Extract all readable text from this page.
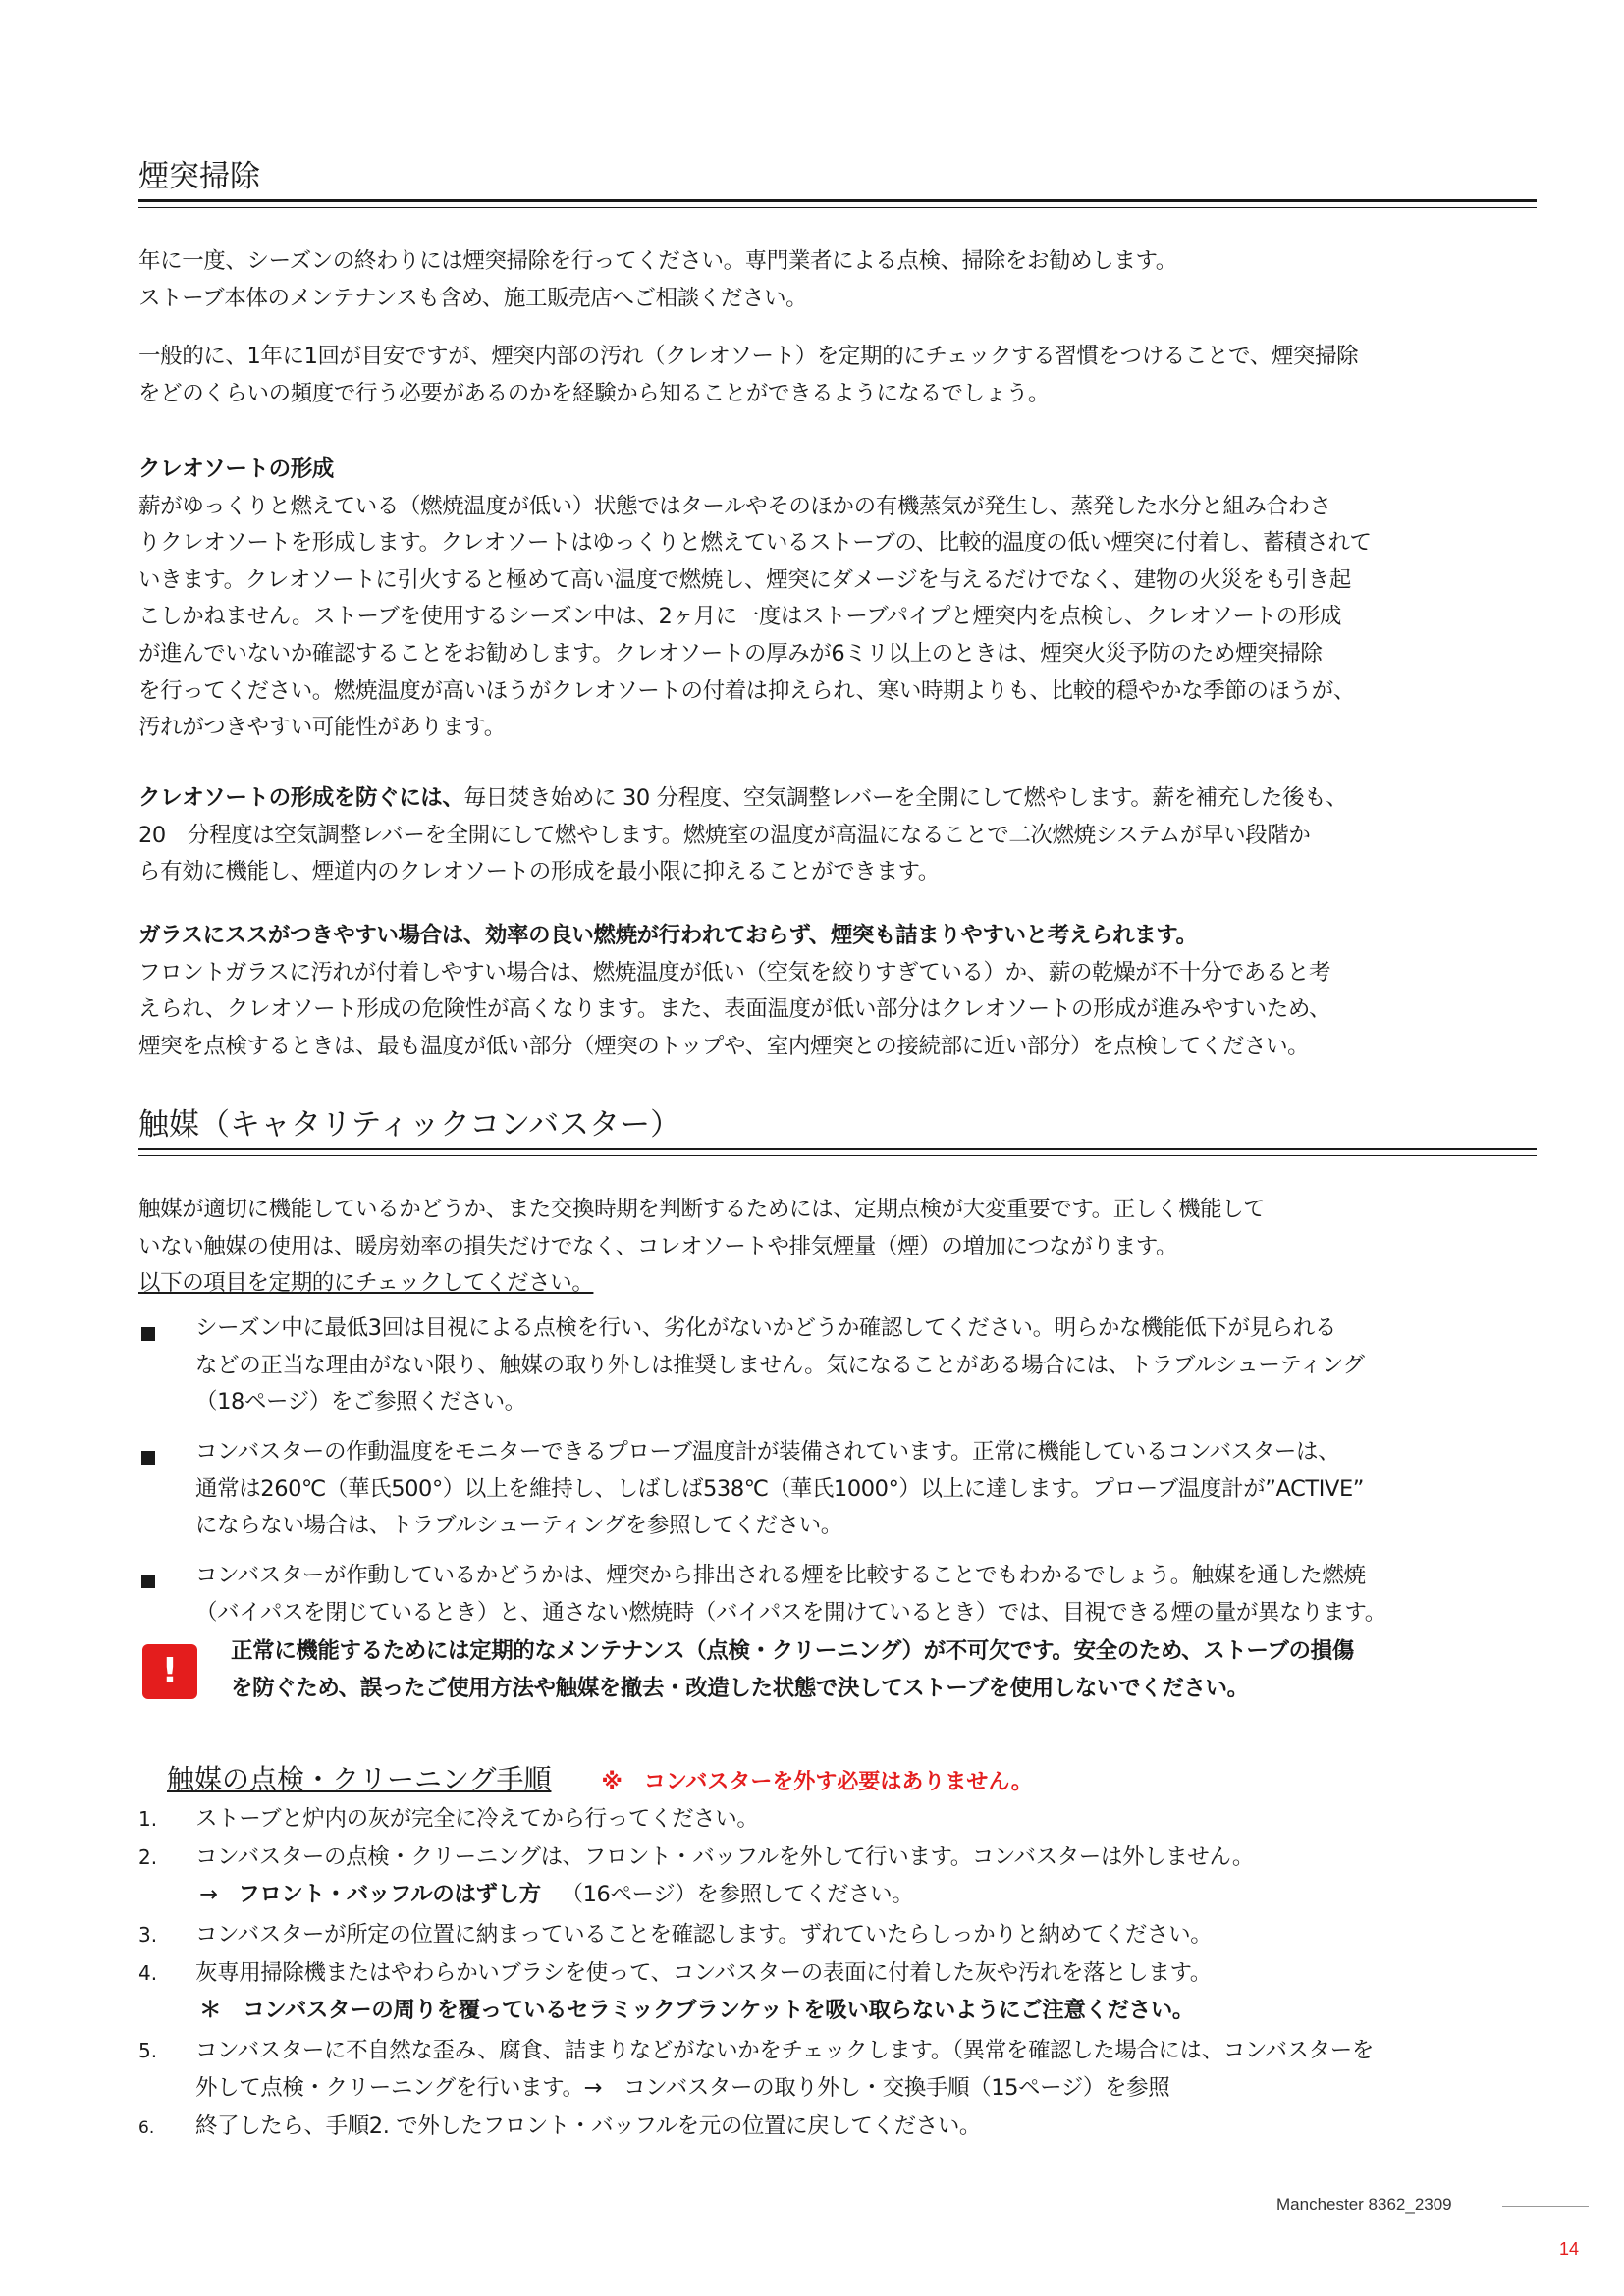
煙突掃除
年に一度、シーズンの終わりには煙突掃除を行ってください。専門業者による点検、掃除をお勧めします。
ストーブ本体のメンテナンスも含め、施工販売店へご相談ください。
一般的に、1年に1回が目安ですが、煙突内部の汚れ（クレオソート）を定期的にチェックする習慣をつけることで、煙突掃除
をどのくらいの頻度で行う必要があるのかを経験から知ることができるようになるでしょう。
クレオソートの形成
薪がゆっくりと燃えている（燃焼温度が低い）状態ではタールやそのほかの有機蒸気が発生し、蒸発した水分と組み合わさ
りクレオソートを形成します。クレオソートはゆっくりと燃えているストーブの、比較的温度の低い煙突に付着し、蓄積されて
いきます。クレオソートに引火すると極めて高い温度で燃焼し、煙突にダメージを与えるだけでなく、建物の火災をも引き起
こしかねません。ストーブを使用するシーズン中は、2ヶ月に一度はストーブパイプと煙突内を点検し、クレオソートの形成
が進んでいないか確認することをお勧めします。クレオソートの厚みが6ミリ以上のときは、煙突火災予防のため煙突掃除
を行ってください。燃焼温度が高いほうがクレオソートの付着は抑えられ、寒い時期よりも、比較的穏やかな季節のほうが、
汚れがつきやすい可能性があります。
クレオソートの形成を防ぐには、毎日焚き始めに 30 分程度、空気調整レバーを全開にして燃やします。薪を補充した後も、
20　分程度は空気調整レバーを全開にして燃やします。燃焼室の温度が高温になることで二次燃焼システムが早い段階か
ら有効に機能し、煙道内のクレオソートの形成を最小限に抑えることができます。
ガラスにススがつきやすい場合は、効率の良い燃焼が行われておらず、煙突も詰まりやすいと考えられます。
フロントガラスに汚れが付着しやすい場合は、燃焼温度が低い（空気を絞りすぎている）か、薪の乾燥が不十分であると考
えられ、クレオソート形成の危険性が高くなります。また、表面温度が低い部分はクレオソートの形成が進みやすいため、
煙突を点検するときは、最も温度が低い部分（煙突のトップや、室内煙突との接続部に近い部分）を点検してください。
触媒（キャタリティックコンバスター）
触媒が適切に機能しているかどうか、また交換時期を判断するためには、定期点検が大変重要です。正しく機能して
いない触媒の使用は、暖房効率の損失だけでなく、コレオソートや排気煙量（煙）の増加につながります。
以下の項目を定期的にチェックしてください。
シーズン中に最低3回は目視による点検を行い、劣化がないかどうか確認してください。明らかな機能低下が見られる
などの正当な理由がない限り、触媒の取り外しは推奨しません。気になることがある場合には、トラブルシューティング
（18ページ）をご参照ください。
コンバスターの作動温度をモニターできるプローブ温度計が装備されています。正常に機能しているコンバスターは、
通常は260℃（華氏500°）以上を維持し、しばしば538℃（華氏1000°）以上に達します。プローブ温度計が”ACTIVE”
にならない場合は、トラブルシューティングを参照してください。
コンバスターが作動しているかどうかは、煙突から排出される煙を比較することでもわかるでしょう。触媒を通した燃焼
（バイパスを閉じているとき）と、通さない燃焼時（バイパスを開けているとき）では、目視できる煙の量が異なります。
!	正常に機能するためには定期的なメンテナンス（点検・クリーニング）が不可欠です。安全のため、ストーブの損傷
を防ぐため、誤ったご使用方法や触媒を撤去・改造した状態で決してストーブを使用しないでください。
触媒の点検・クリーニング手順 ※　コンバスターを外す必要はありません。
1. ストーブと炉内の灰が完全に冷えてから行ってください。
2. コンバスターの点検・クリーニングは、フロント・バッフルを外して行います。コンバスターは外しません。
→ フロント・バッフルのはずし方 （16ページ）を参照してください。
3. コンバスターが所定の位置に納まっていることを確認します。ずれていたらしっかりと納めてください。
4. 灰専用掃除機またはやわらかいブラシを使って、コンバスターの表面に付着した灰や汚れを落とします。
＊　コンバスターの周りを覆っているセラミックブランケットを吸い取らないようにご注意ください。
5. コンバスターに不自然な歪み、腐食、詰まりなどがないかをチェックします。（異常を確認した場合には、コンバスターを
外して点検・クリーニングを行います。→　コンバスターの取り外し・交換手順（15ページ）を参照
6. 終了したら、手順2. で外したフロント・バッフルを元の位置に戻してください。
Manchester 8362_2309
14
